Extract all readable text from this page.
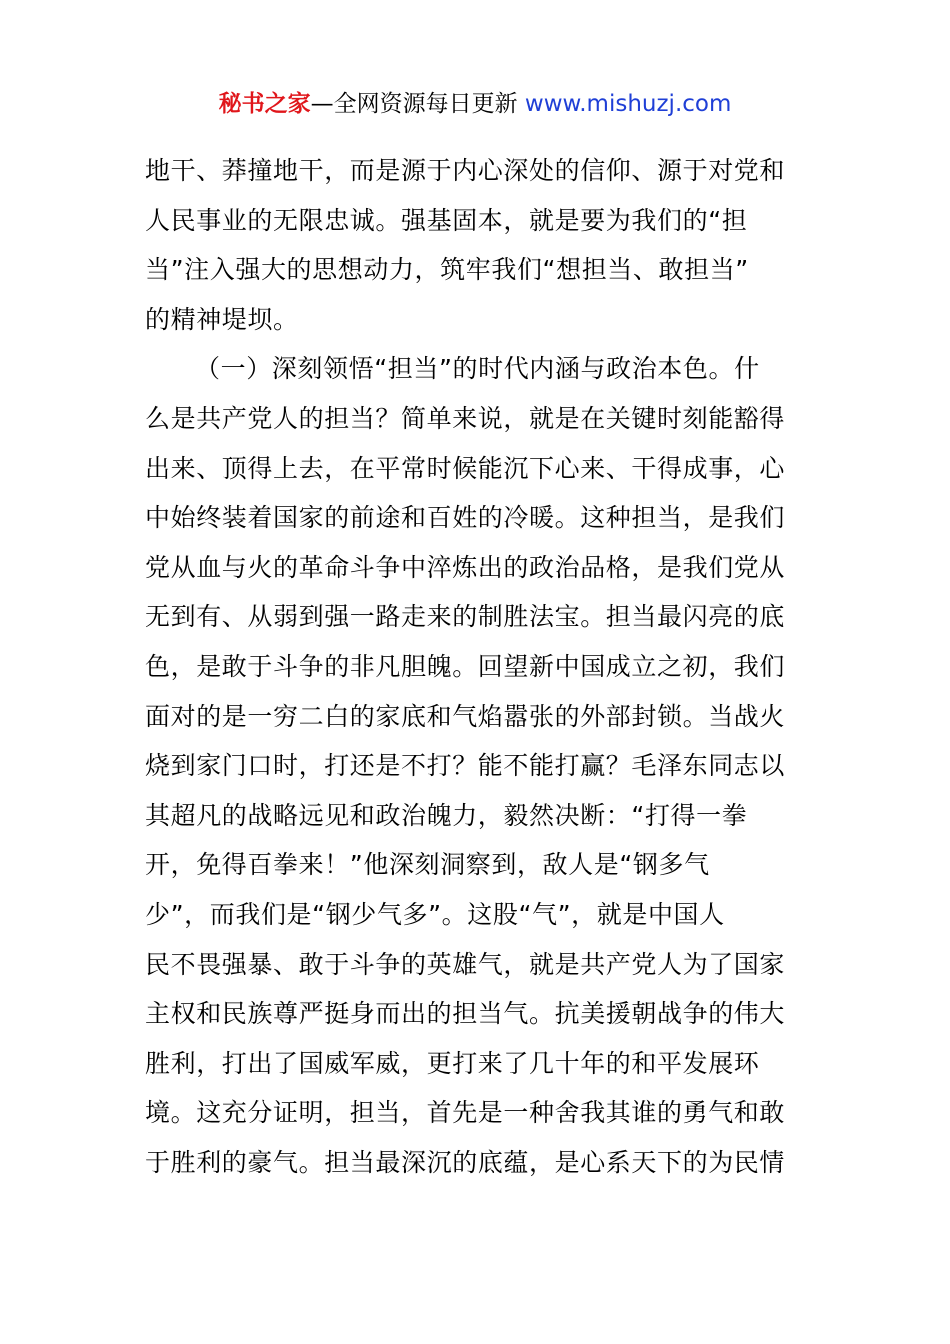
秘书之家—全网资源每日更新 www.mishuzj.com
地干、莽撞地干，而是源于内心深处的信仰、源于对党和
人民事业的无限忠诚。强基固本，就是要为我们的“担
当”注入强大的思想动力，筑牢我们“想担当、敢担当”
的精神堤坝。
（一）深刻领悟“担当”的时代内涵与政治本色。什
么是共产党人的担当？简单来说，就是在关键时刻能豁得
出来、顶得上去，在平常时候能沉下心来、干得成事，心
中始终装着国家的前途和百姓的冷暖。这种担当，是我们
党从血与火的革命斗争中淬炼出的政治品格，是我们党从
无到有、从弱到强一路走来的制胜法宝。担当最闪亮的底
色，是敢于斗争的非凡胆魄。回望新中国成立之初，我们
面对的是一穷二白的家底和气焰嚣张的外部封锁。当战火
烧到家门口时，打还是不打？能不能打赢？毛泽东同志以
其超凡的战略远见和政治魄力，毅然决断：“打得一拳
开，免得百拳来！”他深刻洞察到，敌人是“钢多气
少”，而我们是“钢少气多”。这股“气”，就是中国人
民不畏强暴、敢于斗争的英雄气，就是共产党人为了国家
主权和民族尊严挺身而出的担当气。抗美援朝战争的伟大
胜利，打出了国威军威，更打来了几十年的和平发展环
境。这充分证明，担当，首先是一种舍我其谁的勇气和敢
于胜利的豪气。担当最深沉的底蕴，是心系天下的为民情
